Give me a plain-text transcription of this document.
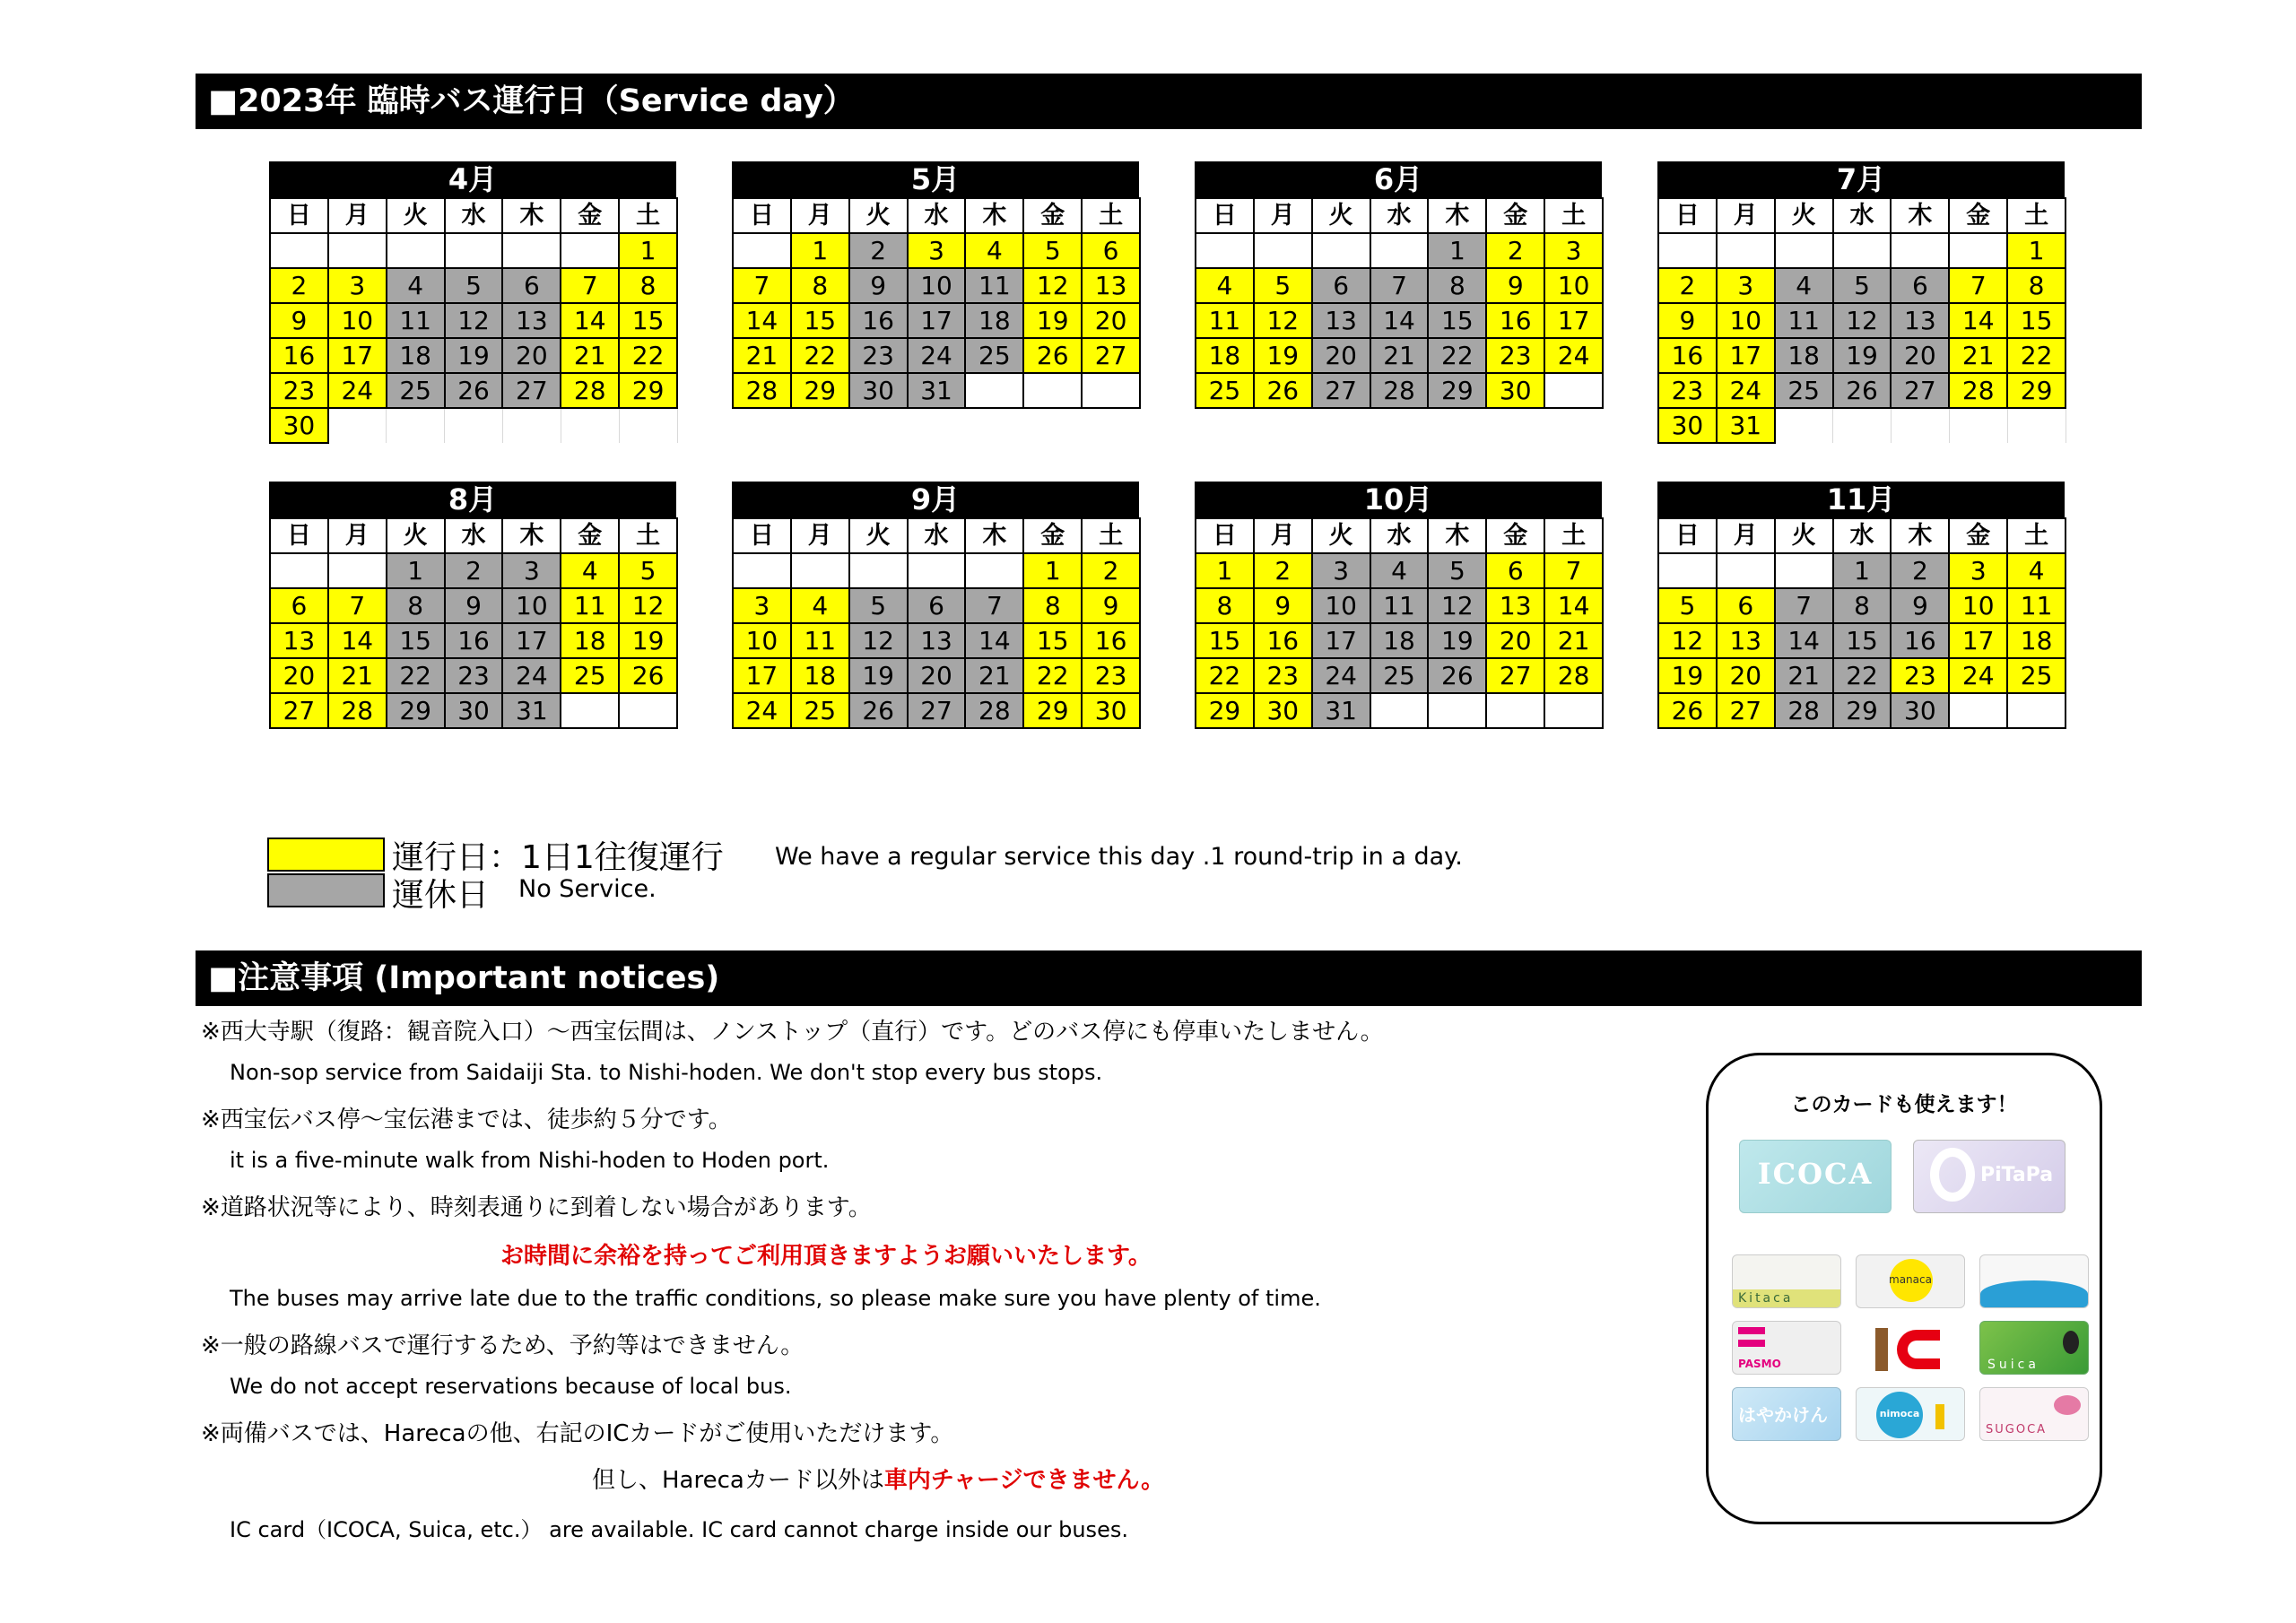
■2023年 臨時バス運行日（Service day）
4月
日	月	火	水	木	金	土
						1
2	3	4	5	6	7	8
9	10	11	12	13	14	15
16	17	18	19	20	21	22
23	24	25	26	27	28	29
30						
5月
日	月	火	水	木	金	土
	1	2	3	4	5	6
7	8	9	10	11	12	13
14	15	16	17	18	19	20
21	22	23	24	25	26	27
28	29	30	31			
6月
日	月	火	水	木	金	土
				1	2	3
4	5	6	7	8	9	10
11	12	13	14	15	16	17
18	19	20	21	22	23	24
25	26	27	28	29	30	
7月
日	月	火	水	木	金	土
						1
2	3	4	5	6	7	8
9	10	11	12	13	14	15
16	17	18	19	20	21	22
23	24	25	26	27	28	29
30	31					
8月
日	月	火	水	木	金	土
		1	2	3	4	5
6	7	8	9	10	11	12
13	14	15	16	17	18	19
20	21	22	23	24	25	26
27	28	29	30	31		
9月
日	月	火	水	木	金	土
					1	2
3	4	5	6	7	8	9
10	11	12	13	14	15	16
17	18	19	20	21	22	23
24	25	26	27	28	29	30
10月
日	月	火	水	木	金	土
1	2	3	4	5	6	7
8	9	10	11	12	13	14
15	16	17	18	19	20	21
22	23	24	25	26	27	28
29	30	31				
11月
日	月	火	水	木	金	土
			1	2	3	4
5	6	7	8	9	10	11
12	13	14	15	16	17	18
19	20	21	22	23	24	25
26	27	28	29	30		
運行日：1日1往復運行 We have a regular service this day .1 round-trip in a day.
運休日 No Service.
■注意事項 (Important notices)
※西大寺駅（復路：観音院入口）～西宝伝間は、ノンストップ（直行）です。どのバス停にも停車いたしません。
Non-sop service from Saidaiji Sta. to Nishi-hoden. We don't stop every bus stops.
※西宝伝バス停～宝伝港までは、徒歩約５分です。
it is a five-minute walk from Nishi-hoden to Hoden port.
※道路状況等により、時刻表通りに到着しない場合があります。
お時間に余裕を持ってご利用頂きますようお願いいたします。
The buses may arrive late due to the traffic conditions, so please make sure you have plenty of time.
※一般の路線バスで運行するため、予約等はできません。
We do not accept reservations because of local bus.
※両備バスでは、Harecaの他、右記のICカードがご使用いただけます。
但し、Harecaカード以外は車内チャージできません。
IC card（ICOCA, Suica, etc.） are available. IC card cannot charge inside our buses.
このカードも使えます！
ICOCA	PiTaPa
Kitaca
manaca
PASMO	Suica
はやかけん	nimoca
SUGOCA
